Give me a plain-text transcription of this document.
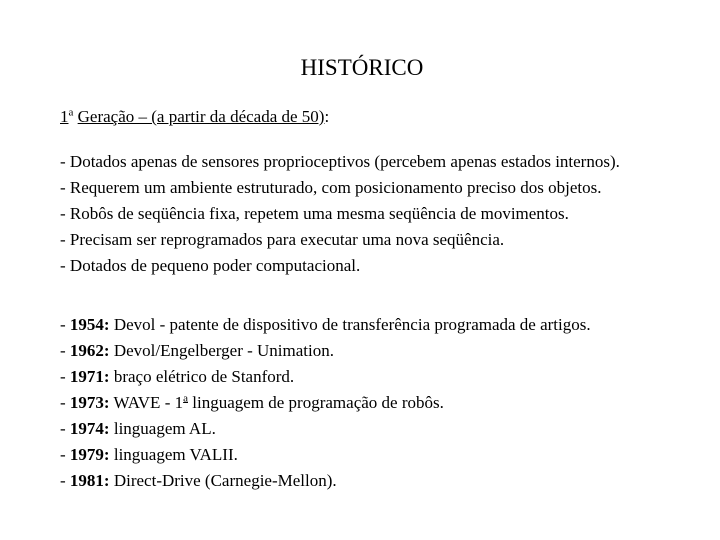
HISTÓRICO
1$^a$ Geração – (a partir da década de 50):
- Dotados apenas de sensores proprioceptivos (percebem apenas estados internos).
- Requerem um ambiente estruturado, com posicionamento preciso dos objetos.
- Robôs de seqüência fixa, repetem uma mesma seqüência de movimentos.
- Precisam ser reprogramados para executar uma nova seqüência.
- Dotados de pequeno poder computacional.
- 1954: Devol - patente de dispositivo de transferência programada de artigos.
- 1962: Devol/Engelberger - Unimation.
- 1971: braço elétrico de Stanford.
- 1973: WAVE - 1$^a$ linguagem de programação de robôs.
- 1974: linguagem AL.
- 1979: linguagem VALII.
- 1981: Direct-Drive (Carnegie-Mellon).
